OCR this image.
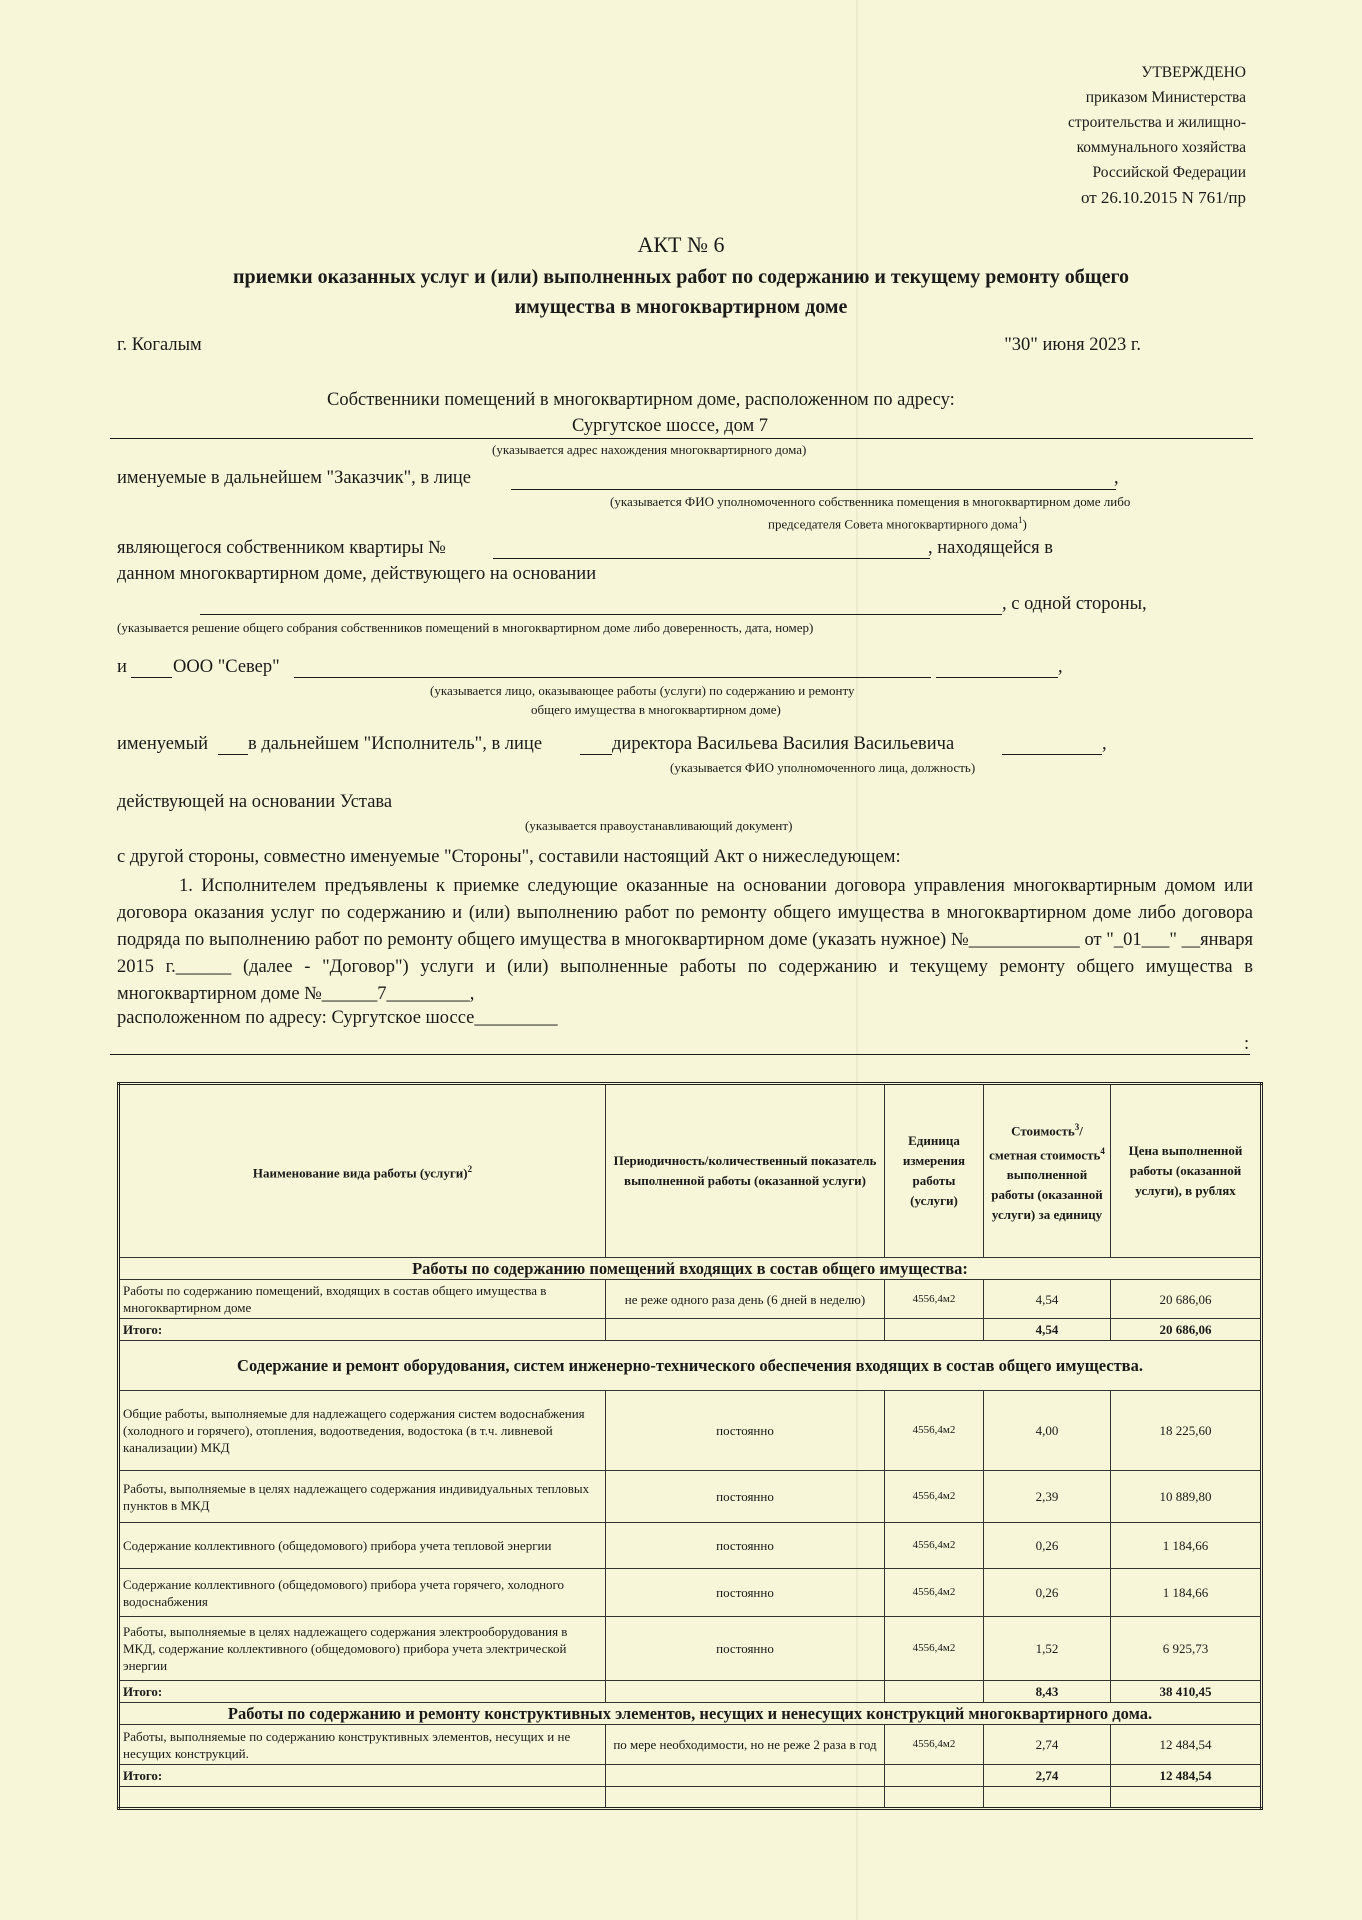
УТВЕРЖДЕНО
приказом Министерства
строительства и жилищно-
коммунального хозяйства
Российской Федерации
от 26.10.2015 N 761/пр
АКТ № 6
приемки оказанных услуг и (или) выполненных работ по содержанию и текущему ремонту общего
имущества в многоквартирном доме
г. Когалым	"30" июня 2023 г.
Собственники помещений в многоквартирном доме, расположенном по адресу:
Сургутское шоссе, дом 7
(указывается адрес нахождения многоквартирного дома)
именуемые в дальнейшем "Заказчик", в лице	,
(указывается ФИО уполномоченного собственника помещения в многоквартирном доме либо
председателя Совета многоквартирного дома$^1$)
являющегося собственником квартиры №	, находящейся в
данном многоквартирном доме, действующего на основании
, с одной стороны,
(указывается решение общего собрания собственников помещений в многоквартирном доме либо доверенность, дата, номер)
и ООО "Север"	,
(указывается лицо, оказывающее работы (услуги) по содержанию и ремонту
общего имущества в многоквартирном доме)
именуемый в дальнейшем "Исполнитель", в лице	директора Васильева Василия Васильевича	,
(указывается ФИО уполномоченного лица, должность)
действующей на основании Устава
(указывается правоустанавливающий документ)
с другой стороны, совместно именуемые "Стороны", составили настоящий Акт о нижеследующем:
1. Исполнителем предъявлены к приемке следующие оказанные на основании договора управления многоквартирным домом или договора оказания услуг по содержанию и (или) выполнению работ по ремонту общего имущества в многоквартирном доме либо договора подряда по выполнению работ по ремонту общего имущества в многоквартирном доме (указать нужное) №____________ от "_01___" __января 2015 г.______ (далее - "Договор") услуги и (или) выполненные работы по содержанию и текущему ремонту общего имущества в многоквартирном доме №______7_________,
расположенном по адресу: Сургутское шоссе_________
:
Наименование вида работы (услуги)$^2$	Периодичность/количественный показатель выполненной работы (оказанной услуги)	Единица измерения работы (услуги)	Стоимость$^3$/сметная стоимость$^4$ выполненной работы (оказанной услуги) за единицу	Цена выполненной работы (оказанной услуги), в рублях
Работы по содержанию помещений входящих в состав общего имущества:				
Работы по содержанию помещений, входящих в состав общего имущества в многоквартирном доме	не реже одного раза день (6 дней в неделю)	4556,4м2	4,54	20 686,06
Итого:			4,54	20 686,06
Содержание и ремонт оборудования, систем инженерно-технического обеспечения входящих в состав общего имущества.				
Общие работы, выполняемые для надлежащего содержания систем водоснабжения (холодного и горячего), отопления, водоотведения, водостока (в т.ч. ливневой канализации) МКД	постоянно	4556,4м2	4,00	18 225,60
Работы, выполняемые в целях надлежащего содержания индивидуальных тепловых пунктов в МКД	постоянно	4556,4м2	2,39	10 889,80
Содержание коллективного (общедомового) прибора учета тепловой энергии	постоянно	4556,4м2	0,26	1 184,66
Содержание коллективного (общедомового) прибора учета горячего, холодного водоснабжения	постоянно	4556,4м2	0,26	1 184,66
Работы, выполняемые в целях надлежащего содержания электрооборудования в МКД, содержание коллективного (общедомового) прибора учета электрической энергии	постоянно	4556,4м2	1,52	6 925,73
Итого:			8,43	38 410,45
Работы по содержанию и ремонту конструктивных элементов, несущих и ненесущих конструкций многоквартирного дома.				
Работы, выполняемые по содержанию конструктивных элементов, несущих и не несущих конструкций.	по мере необходимости, но не реже 2 раза в год	4556,4м2	2,74	12 484,54
Итого:			2,74	12 484,54
